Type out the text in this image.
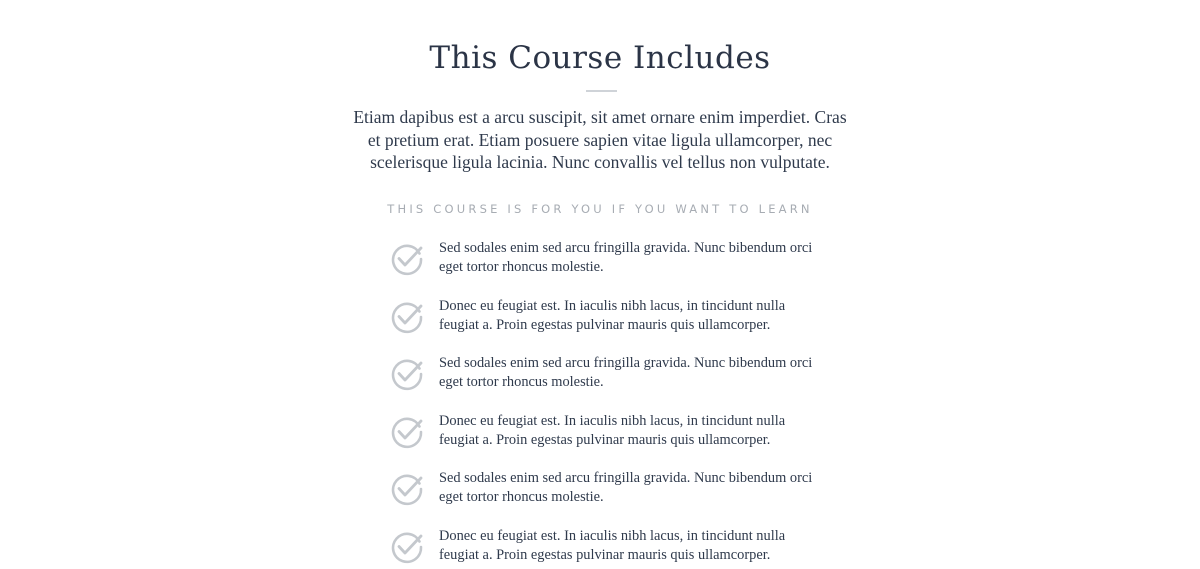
This Course Includes

Etiam dapibus est a arcu suscipit, sit amet ornare enim imperdiet. Cras et pretium erat. Etiam posuere sapien vitae ligula ullamcorper, nec scelerisque ligula lacinia. Nunc convallis vel tellus non vulputate.

THIS COURSE IS FOR YOU IF YOU WANT TO LEARN
Sed sodales enim sed arcu fringilla gravida. Nunc bibendum orci eget tortor rhoncus molestie.
Donec eu feugiat est. In iaculis nibh lacus, in tincidunt nulla feugiat a. Proin egestas pulvinar mauris quis ullamcorper.
Sed sodales enim sed arcu fringilla gravida. Nunc bibendum orci eget tortor rhoncus molestie.
Donec eu feugiat est. In iaculis nibh lacus, in tincidunt nulla feugiat a. Proin egestas pulvinar mauris quis ullamcorper.
Sed sodales enim sed arcu fringilla gravida. Nunc bibendum orci eget tortor rhoncus molestie.
Donec eu feugiat est. In iaculis nibh lacus, in tincidunt nulla feugiat a. Proin egestas pulvinar mauris quis ullamcorper.
